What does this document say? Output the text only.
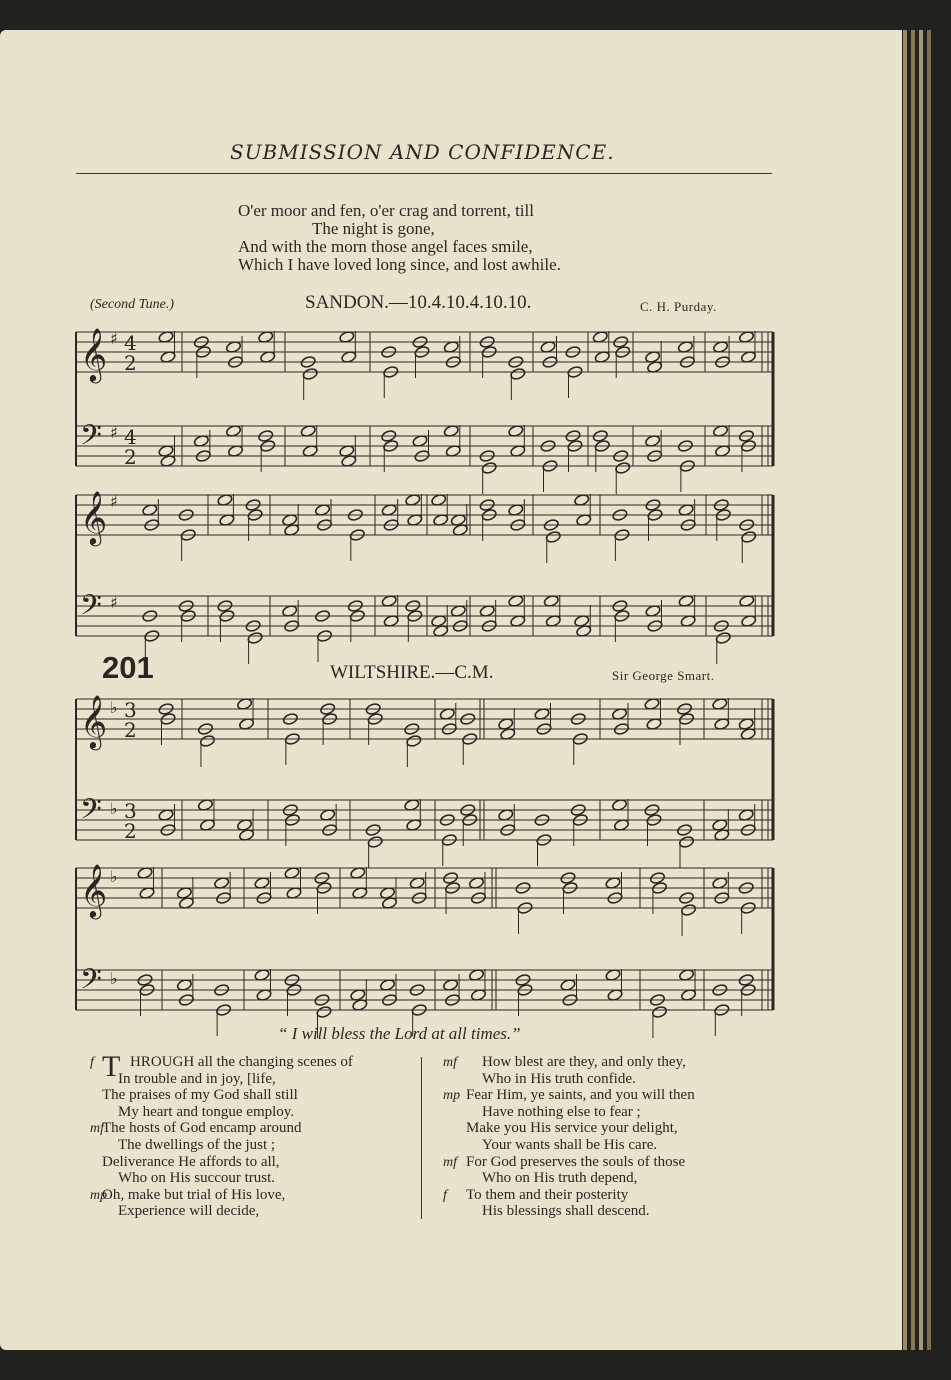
SUBMISSION AND CONFIDENCE.
O'er moor and fen, o'er crag and torrent, till
The night is gone,
And with the morn those angel faces smile,
Which I have loved long since, and lost awhile.
(Second Tune.)	SANDON.—10.4.10.4.10.10.	C. H. Purday.
201	WILTSHIRE.—C.M.	Sir George Smart.
𝄞 ♯ 4
2
𝄢 ♯ 4
2
𝄞 ♯
𝄢 ♯
𝄞 ♭ 3
2
𝄢 ♭ 3
2
𝄞 ♭
𝄢 ♭
“ I will bless the Lord at all times.”
T
f HROUGH all the changing scenes of
In trouble and in joy, [life,
The praises of my God shall still
My heart and tongue employ.
mf
The hosts of God encamp around
The dwellings of the just ;
Deliverance He affords to all,
Who on His succour trust.
mp
Oh, make but trial of His love,
Experience will decide,
mf How blest are they, and only they,
Who in His truth confide.
mp Fear Him, ye saints, and you will then
Have nothing else to fear ;
Make you His service your delight,
Your wants shall be His care.
mf For God preserves the souls of those
Who on His truth depend,
f To them and their posterity
His blessings shall descend.
